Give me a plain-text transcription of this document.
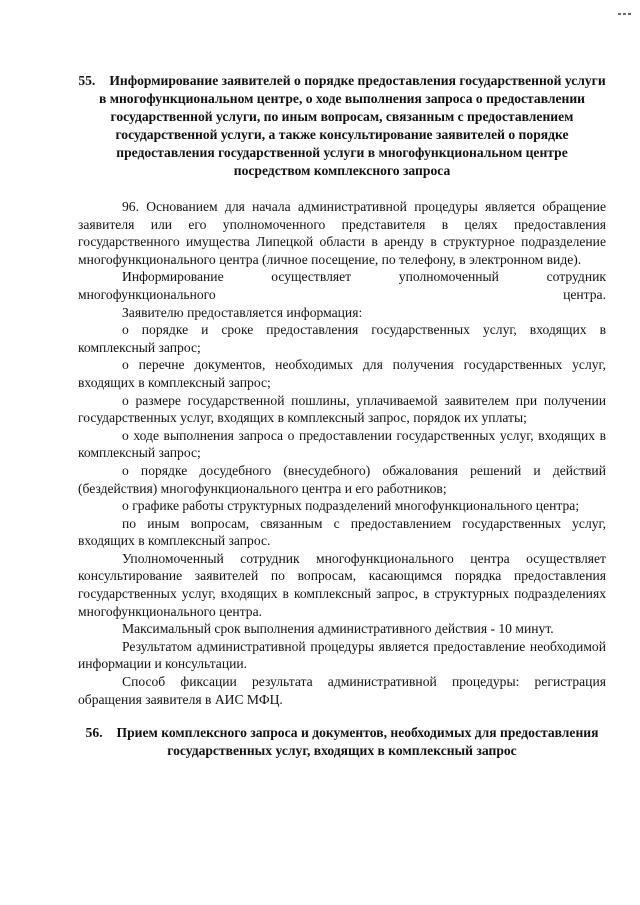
55. Информирование заявителей о порядке предоставления государственной услуги в многофункциональном центре, о ходе выполнения запроса о предоставлении государственной услуги, по иным вопросам, связанным с предоставлением государственной услуги, а также консультирование заявителей о порядке предоставления государственной услуги в многофункциональном центре посредством комплексного запроса

96. Основанием для начала административной процедуры является обращение заявителя или его уполномоченного представителя в целях предоставления государственного имущества Липецкой области в аренду в структурное подразделение многофункционального центра (личное посещение, по телефону, в электронном виде).

Информирование осуществляет уполномоченный сотрудник многофункционального центра.

Заявителю предоставляется информация:

о порядке и сроке предоставления государственных услуг, входящих в комплексный запрос;

о перечне документов, необходимых для получения государственных услуг, входящих в комплексный запрос;

о размере государственной пошлины, уплачиваемой заявителем при получении государственных услуг, входящих в комплексный запрос, порядок их уплаты;

о ходе выполнения запроса о предоставлении государственных услуг, входящих в комплексный запрос;

о порядке досудебного (внесудебного) обжалования решений и действий (бездействия) многофункционального центра и его работников;

о графике работы структурных подразделений многофункционального центра;

по иным вопросам, связанным с предоставлением государственных услуг, входящих в комплексный запрос.

Уполномоченный сотрудник многофункционального центра осуществляет консультирование заявителей по вопросам, касающимся порядка предоставления государственных услуг, входящих в комплексный запрос, в структурных подразделениях многофункционального центра.

Максимальный срок выполнения административного действия - 10 минут.

Результатом административной процедуры является предоставление необходимой информации и консультации.

Способ фиксации результата административной процедуры: регистрация обращения заявителя в АИС МФЦ.

56. Прием комплексного запроса и документов, необходимых для предоставления государственных услуг, входящих в комплексный запрос
